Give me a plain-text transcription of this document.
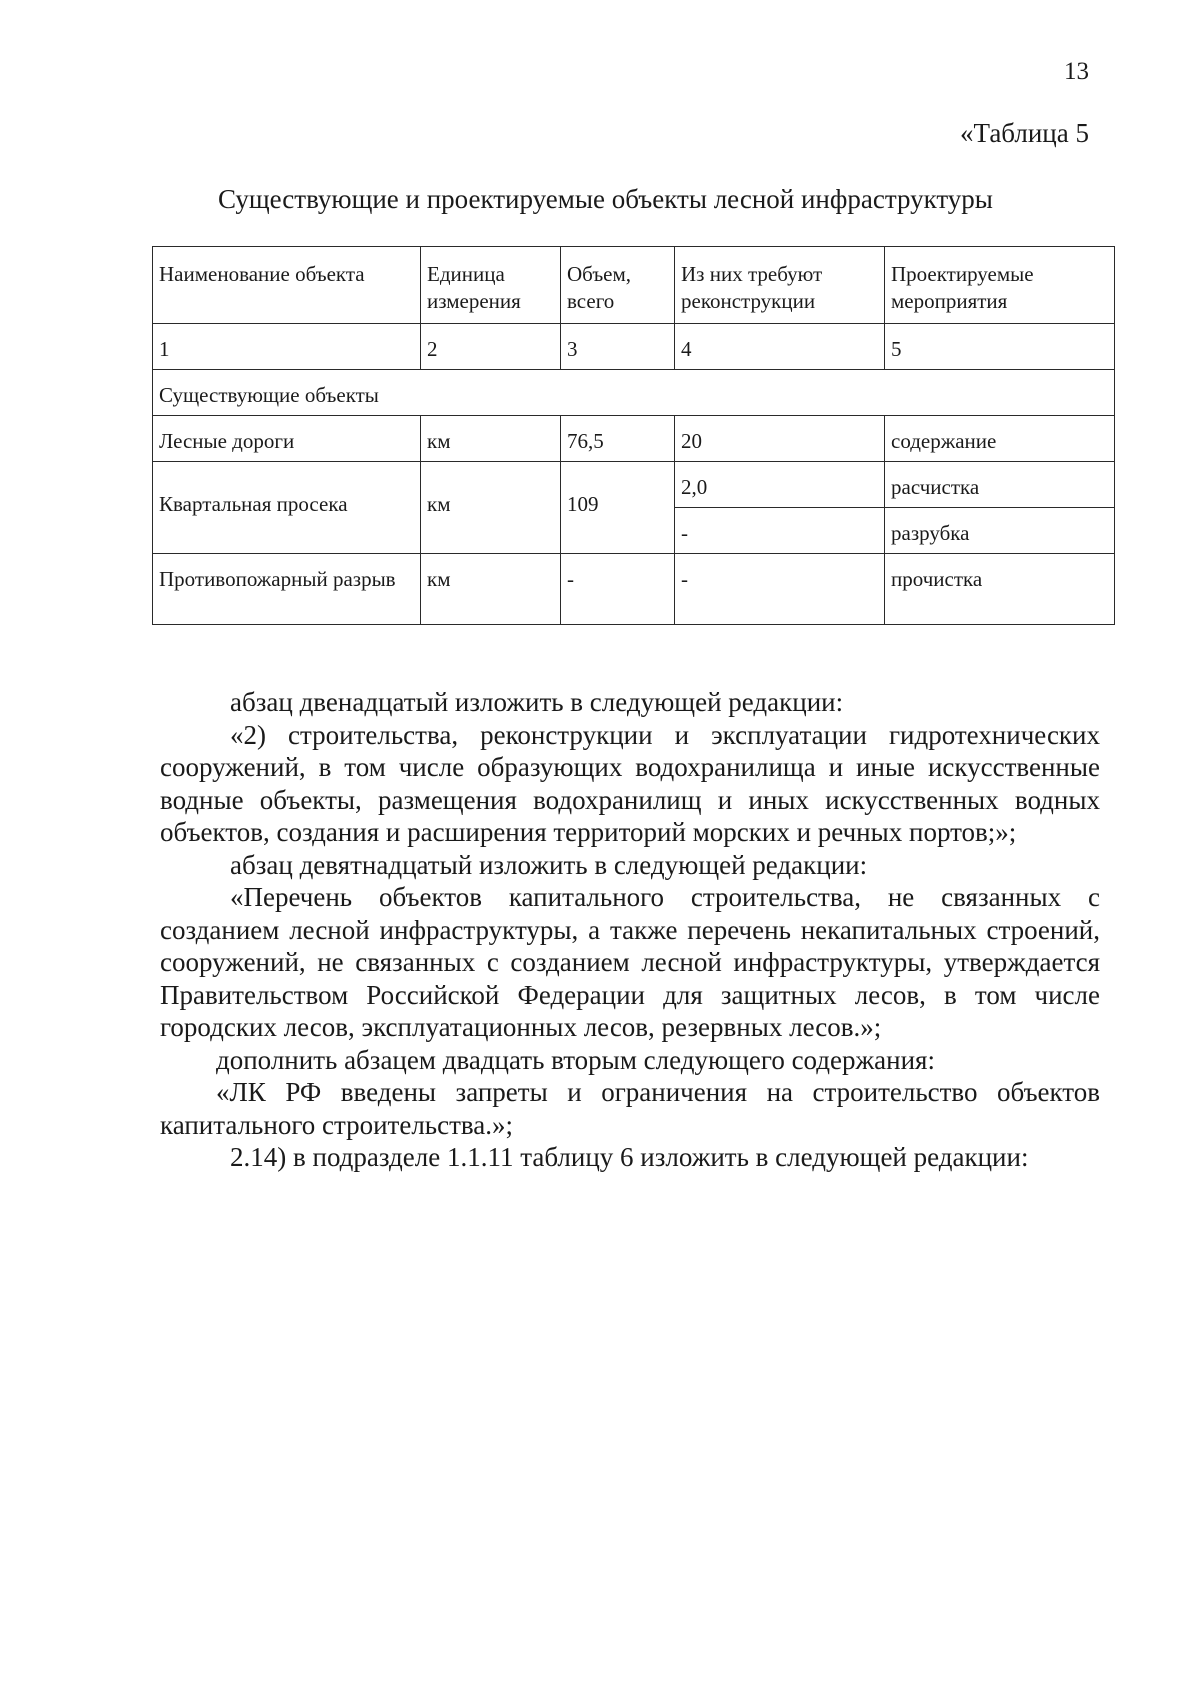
13
«Таблица 5
Существующие и проектируемые объекты лесной инфраструктуры
Наименование объекта	Единица измерения	Объем, всего	Из них требуют реконструкции	Проектируемые мероприятия
1	2	3	4	5
Существующие объекты				
Лесные дороги	км	76,5	20	содержание
Квартальная просека	км	109	2,0	расчистка
			-	разрубка
Противопожарный разрыв	км	-	-	прочистка

абзац двенадцатый изложить в следующей редакции:

«2) строительства, реконструкции и эксплуатации гидротехнических сооружений, в том числе образующих водохранилища и иные искусственные водные объекты, размещения водохранилищ и иных искусственных водных объектов, создания и расширения территорий морских и речных портов;»;

абзац девятнадцатый изложить в следующей редакции:

«Перечень объектов капитального строительства, не связанных с созданием лесной инфраструктуры, а также перечень некапитальных строений, сооружений, не связанных с созданием лесной инфраструктуры, утверждается Правительством Российской Федерации для защитных лесов, в том числе городских лесов, эксплуатационных лесов, резервных лесов.»;

дополнить абзацем двадцать вторым следующего содержания:

«ЛК РФ введены запреты и ограничения на строительство объектов капитального строительства.»;

2.14) в подразделе 1.1.11 таблицу 6 изложить в следующей редакции:
